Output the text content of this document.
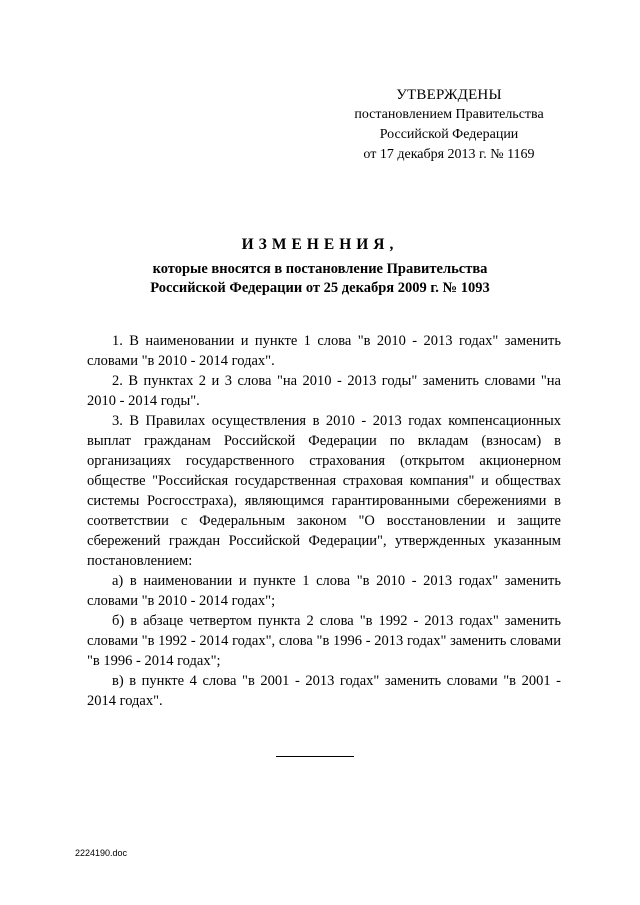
УТВЕРЖДЕНЫ
постановлением Правительства
Российской Федерации
от 17 декабря 2013 г. № 1169
ИЗМЕНЕНИЯ,
которые вносятся в постановление Правительства
Российской Федерации от 25 декабря 2009 г. № 1093

1. В наименовании и пункте 1 слова "в 2010 - 2013 годах" заменить словами "в 2010 - 2014 годах".

2. В пунктах 2 и 3 слова "на 2010 - 2013 годы" заменить словами "на 2010 - 2014 годы".

3. В Правилах осуществления в 2010 - 2013 годах компенсационных выплат гражданам Российской Федерации по вкладам (взносам) в организациях государственного страхования (открытом акционерном обществе "Российская государственная страховая компания" и обществах системы Росгосстраха), являющимся гарантированными сбережениями в соответствии с Федеральным законом "О восстановлении и защите сбережений граждан Российской Федерации", утвержденных указанным постановлением:

а) в наименовании и пункте 1 слова "в 2010 - 2013 годах" заменить словами "в 2010 - 2014 годах";

б) в абзаце четвертом пункта 2 слова "в 1992 - 2013 годах" заменить словами "в 1992 - 2014 годах", слова "в 1996 - 2013 годах" заменить словами "в 1996 - 2014 годах";

в) в пункте 4 слова "в 2001 - 2013 годах" заменить словами "в 2001 - 2014 годах".

2224190.doc
